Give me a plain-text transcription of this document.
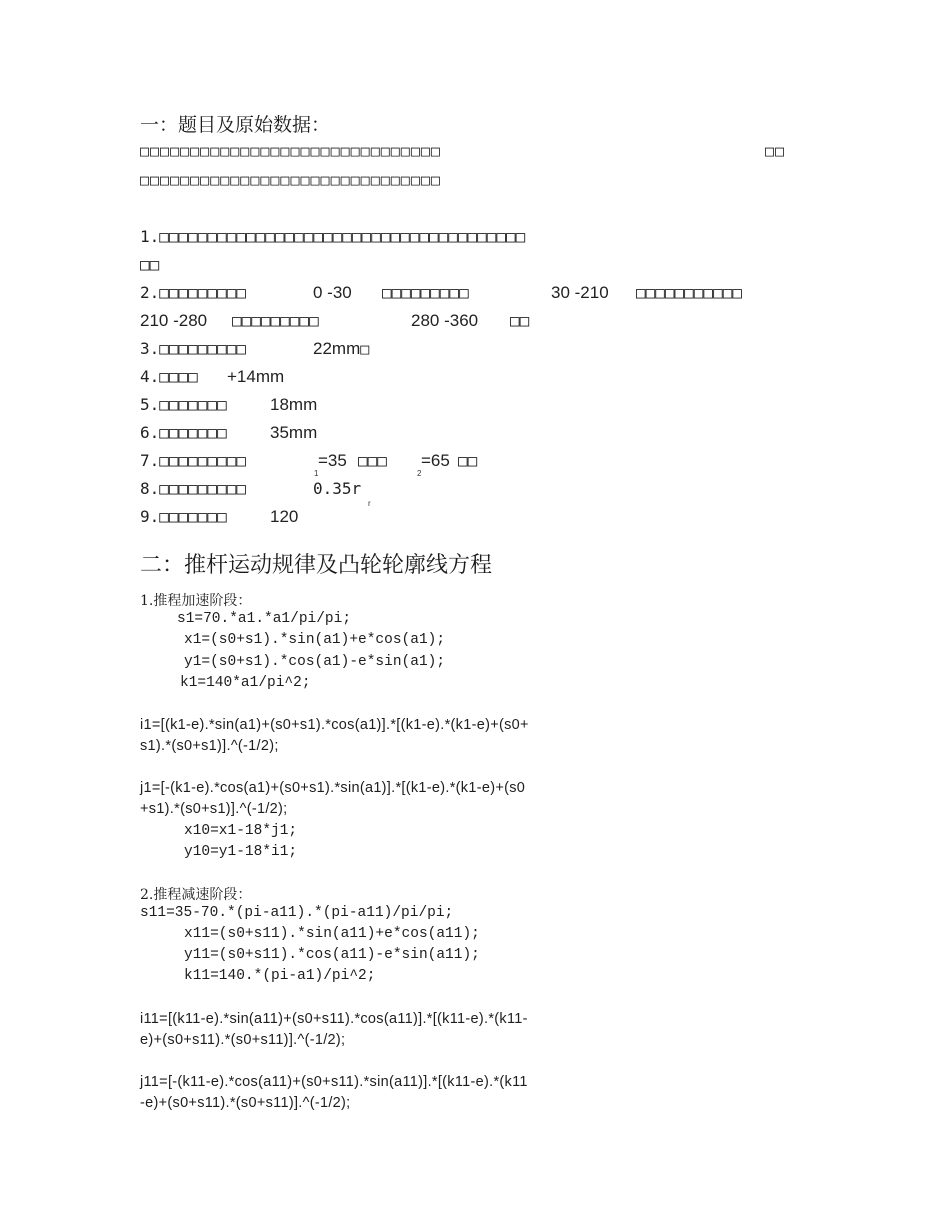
一：题目及原始数据：
□□□□□□□□□□□□□□□□□□□□□□□□□□□□□□	□□
□□□□□□□□□□□□□□□□□□□□□□□□□□□□□□
1.□□□□□□□□□□□□□□□□□□□□□□□□□□□□□□□□□□□□□□
□□
2.□□□□□□□□□	0 -30 □□□□□□□□□	30 -210 □□□□□□□□□□□
210 -280 □□□□□□□□□	280 -360 □□
3.□□□□□□□□□	22mm□
4.□□□□ +14mm
5.□□□□□□□	18mm
6.□□□□□□□	35mm
7.□□□□□□□□□
1
=35 □□□
2
=65 □□
8.□□□□□□□□□	0.35r
r
9.□□□□□□□	120
二：推杆运动规律及凸轮轮廓线方程
1.推程加速阶段：
s1=70.*a1.*a1/pi/pi;
x1=(s0+s1).*sin(a1)+e*cos(a1);
y1=(s0+s1).*cos(a1)-e*sin(a1);
k1=140*a1/pi^2;
i1=[(k1-e).*sin(a1)+(s0+s1).*cos(a1)].*[(k1-e).*(k1-e)+(s0+
s1).*(s0+s1)].^(-1/2);
j1=[-(k1-e).*cos(a1)+(s0+s1).*sin(a1)].*[(k1-e).*(k1-e)+(s0
+s1).*(s0+s1)].^(-1/2);
x10=x1-18*j1;
y10=y1-18*i1;
2.推程减速阶段：
s11=35-70.*(pi-a11).*(pi-a11)/pi/pi;
x11=(s0+s11).*sin(a11)+e*cos(a11);
y11=(s0+s11).*cos(a11)-e*sin(a11);
k11=140.*(pi-a1)/pi^2;
i11=[(k11-e).*sin(a11)+(s0+s11).*cos(a11)].*[(k11-e).*(k11-
e)+(s0+s11).*(s0+s11)].^(-1/2);
j11=[-(k11-e).*cos(a11)+(s0+s11).*sin(a11)].*[(k11-e).*(k11
-e)+(s0+s11).*(s0+s11)].^(-1/2);
